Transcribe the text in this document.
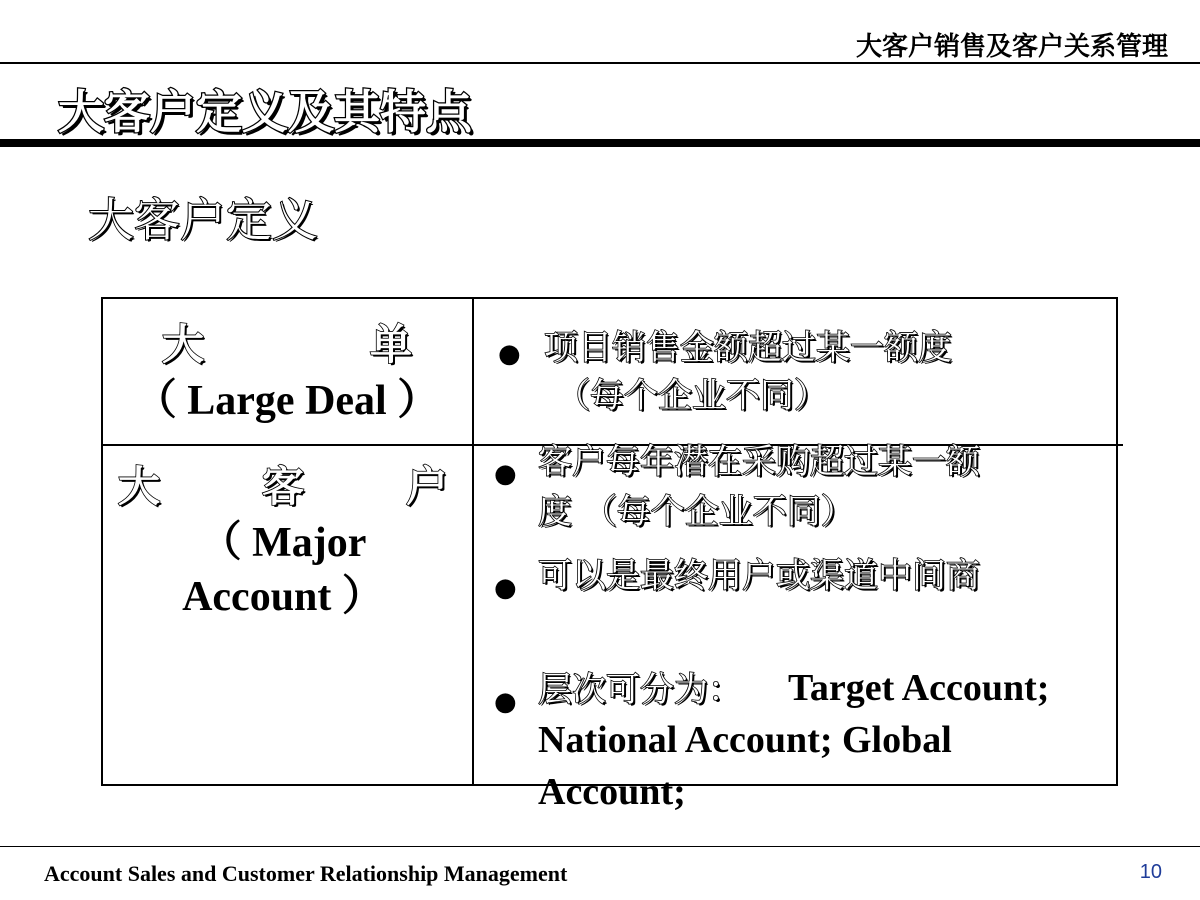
大客户销售及客户关系管理
大客户定义及其特点
大客户定义
大	单
（ Large Deal ）
大 客 户
（ Major
Account ）
● 项目销售金额超过某一额度
（每个企业不同）
● 客户每年潜在采购超过某一额
度 （每个企业不同）
● 可以是最终用户或渠道中间商
● 层次可分为： Target Account;
National Account; Global
Account;
Account Sales and Customer Relationship Management	10
